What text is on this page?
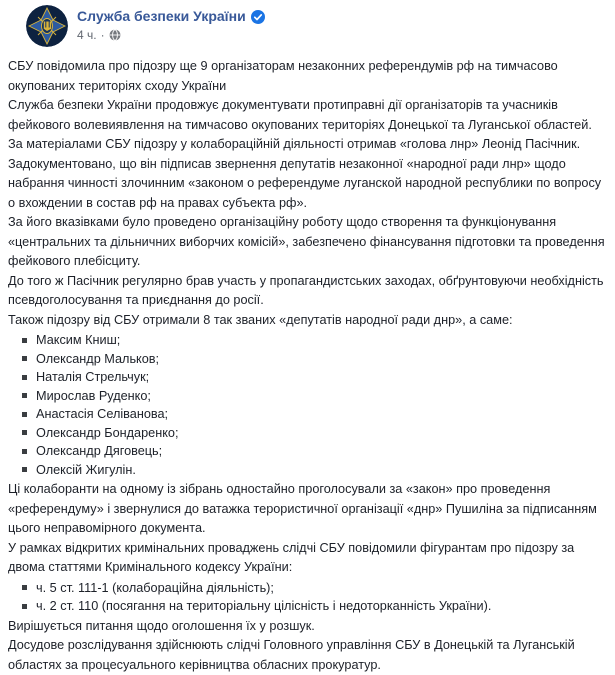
Служба безпеки України
4 ч. ·

СБУ повідомила про підозру ще 9 організаторам незаконних референдумів рф на тимчасово окупованих територіях сходу України

Служба безпеки України продовжує документувати протиправні дії організаторів та учасників фейкового волевиявлення на тимчасово окупованих територіях Донецької та Луганської областей.

За матеріалами СБУ підозру у колабораційній діяльності отримав «голова лнр» Леонід Пасічник.

Задокументовано, що він підписав звернення депутатів незаконної «народної ради лнр» щодо набрання чинності злочинним «законом о референдуме луганской народной республики по вопросу о вхождении в состав рф на правах субъекта рф».

За його вказівками було проведено організаційну роботу щодо створення та функціонування «центральних та дільничних виборчих комісій», забезпечено фінансування підготовки та проведення фейкового плебісциту.

До того ж Пасічник регулярно брав участь у пропагандистських заходах, обґрунтовуючи необхідність псевдоголосування та приєднання до росії.

Також підозру від СБУ отримали 8 так званих «депутатів народної ради днр», а саме:

Максим Книш;
Олександр Мальков;
Наталія Стрельчук;
Мирослав Руденко;
Анастасія Селіванова;
Олександр Бондаренко;
Олександр Дяговець;
Олексій Жигулін.

Ці колаборанти на одному із зібрань одностайно проголосували за «закон» про проведення «референдуму» і звернулися до ватажка терористичної організації «днр» Пушиліна за підписанням цього неправомірного документа.

У рамках відкритих кримінальних проваджень слідчі СБУ повідомили фігурантам про підозру за двома статтями Кримінального кодексу України:

ч. 5 ст. 111-1 (колабораційна діяльність);
ч. 2 ст. 110 (посягання на територіальну цілісність і недоторканність України).

Вирішується питання щодо оголошення їх у розшук.

Досудове розслідування здійснюють слідчі Головного управління СБУ в Донецькій та Луганській областях за процесуального керівництва обласних прокуратур.
